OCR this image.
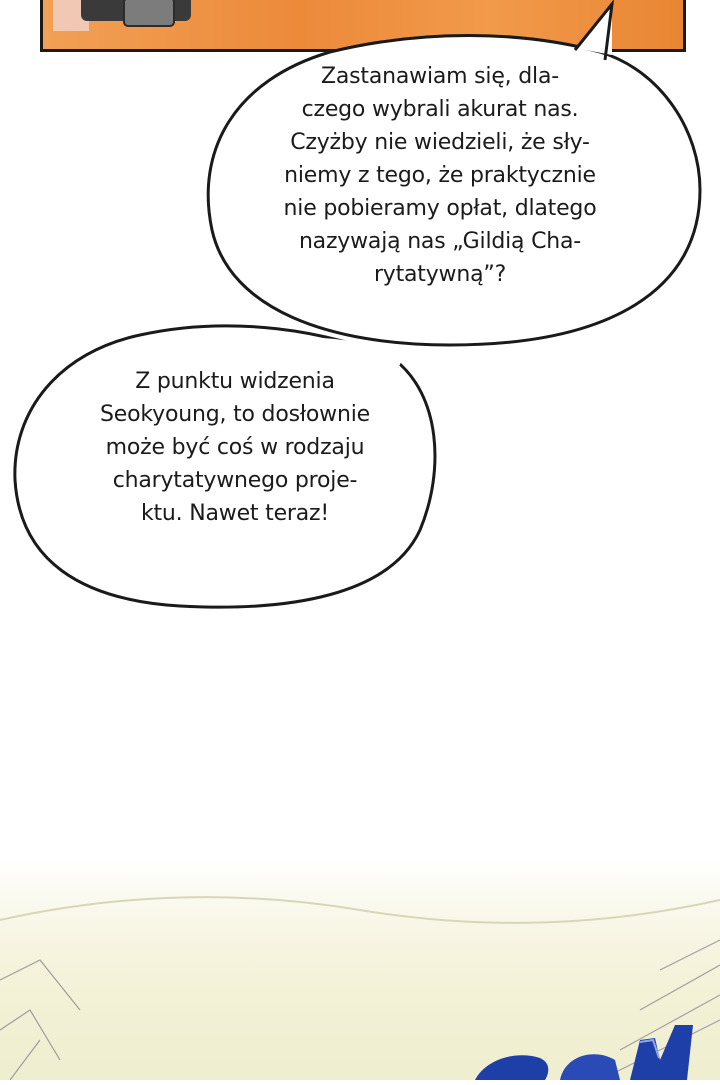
Zastanawiam się, dla-
czego wybrali akurat nas.
Czyżby nie wiedzieli, że sły-
niemy z tego, że praktycznie
nie pobieramy opłat, dlatego
nazywają nas „Gildią Cha-
rytatywną”?
Z punktu widzenia
Seokyoung, to dosłownie
może być coś w rodzaju
charytatywnego proje-
ktu. Nawet teraz!
